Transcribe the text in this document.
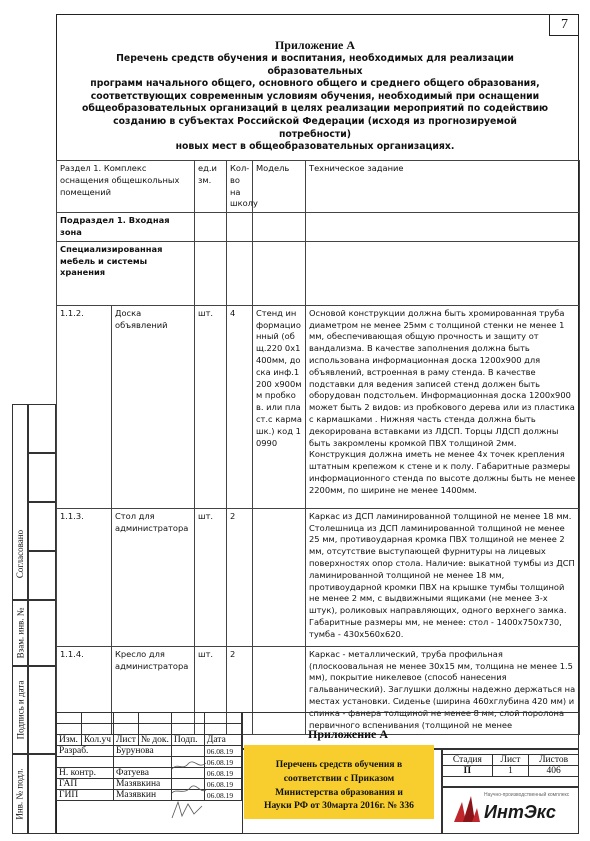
7
Приложение А
Перечень средств обучения и воспитания, необходимых для реализации образовательных
программ начального общего, основного общего и среднего общего образования,
соответствующих современным условиям обучения, необходимый при оснащении
общеобразовательных организаций в целях реализации мероприятий по содействию
созданию в субъектах Российской Федерации (исходя из прогнозируемой потребности)
новых мест в общеобразовательных организациях.
Раздел 1. Комплекс оснащения общешкольных помещений		ед.и зм.	Кол-во на школу	Модель	Техническое задание
Подраздел 1. Входная зона					
Специализированная мебель и системы хранения					
1.1.2.	Доска объявлений	шт.	4	Стенд информационный (общ.220 0х1400мм, доска инф.1200 х900мм пробков. или пласт.с кармашк.) код 10990	Основой конструкции должна быть хромированная труба диаметром не менее 25мм с толщиной стенки не менее 1 мм, обеспечивающая общую прочность и защиту от вандализма. В качестве заполнения должна быть использована информационная доска 1200х900 для объявлений, встроенная в раму стенда. В качестве подставки для ведения записей стенд должен быть оборудован подстольем. Информационная доска 1200х900 может быть 2 видов: из пробкового дерева или из пластика с кармашками . Нижняя часть стенда должна быть декорирована вставками из ЛДСП. Торцы ЛДСП должны быть закромлены кромкой ПВХ толщиной 2мм. Конструкция должна иметь не менее 4х точек крепления штатным крепежом к стене и к полу. Габаритные размеры информационного стенда по высоте должны быть не менее 2200мм, по ширине не менее 1400мм.
1.1.3.	Стол для администратора	шт.	2		Каркас из ДСП ламинированной толщиной не менее 18 мм. Столешница из ДСП ламинированной толщиной не менее 25 мм, противоударная кромка ПВХ толщиной не менее 2 мм, отсутствие выступающей фурнитуры на лицевых поверхностях опор стола. Наличие: выкатной тумбы из ДСП ламинированной толщиной не менее 18 мм, противоударной кромки ПВХ на крышке тумбы толщиной не менее 2 мм, с выдвижными ящиками (не менее 3-х штук), роликовых направляющих, одного верхнего замка. Габаритные размеры мм, не менее: стол - 1400х750х730, тумба - 430х560х620.
1.1.4.	Кресло для администратора	шт.	2		Каркас - металлический, труба профильная (плоскоовальная не менее 30х15 мм, толщина не менее 1.5 мм), покрытие никелевое (способ нанесения гальванический). Заглушки должны надежно держаться на местах установки. Сиденье (ширина 460хглубина 420 мм) и спинка - фанера толщиной не менее 8 мм, слой поролона первичного вспенивания (толщиной не менее
Согласовано
Взам. инв. №
Подпись и дата
Инв. № подл.

Изм.	Кол.уч	Лист	№ док.	Подп.	Дата
Разраб.		Бурунова			06.08.19
					06.08.19
Н. контр.		Фатуева			06.08.19
ГАП		Мазявкина			06.08.19
ГИП		Мазявкин			06.08.19
Стадия	Лист	Листов
П	1	406
Приложение А
Перечень средств обучения в
соответствии с Приказом
Министерства образования и
Науки РФ от 30марта 2016г. № 336
Научно-производственный комплекс
ИнтЭкс
